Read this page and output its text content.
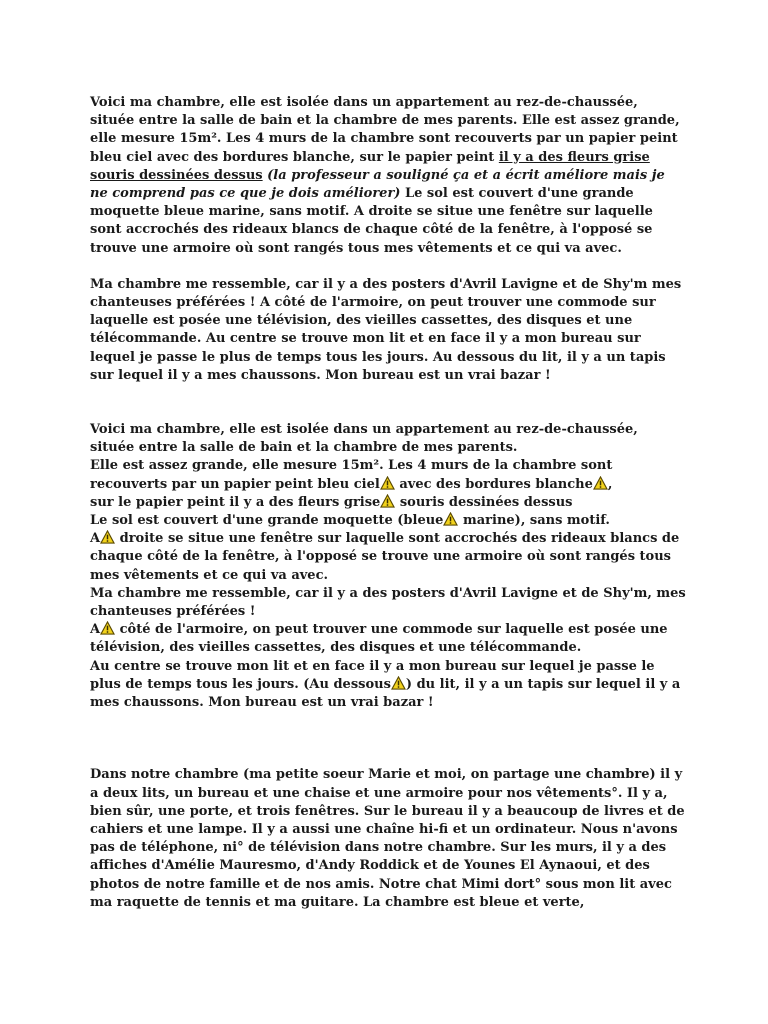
Voici ma chambre, elle est isolée dans un appartement au rez-de-chaussée, située entre la salle de bain et la chambre de mes parents. Elle est assez grande, elle mesure 15m². Les 4 murs de la chambre sont recouverts par un papier peint bleu ciel avec des bordures blanche, sur le papier peint il y a des fleurs grise souris dessinées dessus (la professeur a souligné ça et a écrit améliore mais je ne comprend pas ce que je dois améliorer) Le sol est couvert d'une grande moquette bleue marine, sans motif. A droite se situe une fenêtre sur laquelle sont accrochés des rideaux blancs de chaque côté de la fenêtre, à l'opposé se trouve une armoire où sont rangés tous mes vêtements et ce qui va avec.

Ma chambre me ressemble, car il y a des posters d'Avril Lavigne et de Shy'm mes chanteuses préférées ! A côté de l'armoire, on peut trouver une commode sur laquelle est posée une télévision, des vieilles cassettes, des disques et une télécommande. Au centre se trouve mon lit et en face il y a mon bureau sur lequel je passe le plus de temps tous les jours. Au dessous du lit, il y a un tapis sur lequel il y a mes chaussons. Mon bureau est un vrai bazar !

Voici ma chambre, elle est isolée dans un appartement au rez-de-chaussée, située entre la salle de bain et la chambre de mes parents.

Elle est assez grande, elle mesure 15m². Les 4 murs de la chambre sont recouverts par un papier peint bleu ciel avec des bordures blanche ,

sur le papier peint il y a des fleurs grise souris dessinées dessus

Le sol est couvert d'une grande moquette (bleue marine), sans motif.

A droite se situe une fenêtre sur laquelle sont accrochés des rideaux blancs de chaque côté de la fenêtre, à l'opposé se trouve une armoire où sont rangés tous mes vêtements et ce qui va avec.

Ma chambre me ressemble, car il y a des posters d'Avril Lavigne et de Shy'm, mes chanteuses préférées !

A côté de l'armoire, on peut trouver une commode sur laquelle est posée une télévision, des vieilles cassettes, des disques et une télécommande.

Au centre se trouve mon lit et en face il y a mon bureau sur lequel je passe le plus de temps tous les jours. (Au dessous ) du lit, il y a un tapis sur lequel il y a mes chaussons. Mon bureau est un vrai bazar !

Dans notre chambre (ma petite soeur Marie et moi, on partage une chambre) il y a deux lits, un bureau et une chaise et une armoire pour nos vêtements°. Il y a, bien sûr, une porte, et trois fenêtres. Sur le bureau il y a beaucoup de livres et de cahiers et une lampe. Il y a aussi une chaîne hi-fi et un ordinateur. Nous n'avons pas de téléphone, ni° de télévision dans notre chambre. Sur les murs, il y a des affiches d'Amélie Mauresmo, d'Andy Roddick et de Younes El Aynaoui, et des photos de notre famille et de nos amis. Notre chat Mimi dort° sous mon lit avec ma raquette de tennis et ma guitare. La chambre est bleue et verte,
